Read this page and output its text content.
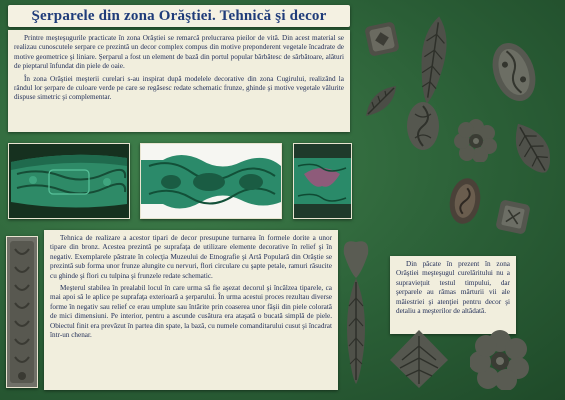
Şerparele din zona Orăştiei. Tehnică şi decor

Printre meşteşugurile practicate în zona Orăştiei se remarcă prelucrarea pieilor de vită. Din acest material se realizau cunoscutele serpare ce prezintă un decor complex compus din motive preponderent vegetale încadrate de motive geometrice şi liniare. Şerparul a fost un element de bază din portul popular bărbătesc de sărbătoare, alături de pieptarul înfundat din piele de oaie.

În zona Orăştiei meşterii curelari s-au inspirat după modelele decorative din zona Cugirului, realizând la rândul lor şerpare de culoare verde pe care se regăsesc redate schematic frunze, ghinde şi motive vegetale vălurite dispuse simetric şi complementar.

Tehnica de realizare a acestor tipari de decor presupune turnarea în formele dorite a unor tipare din bronz. Acestea prezintă pe suprafaţa de utilizare elemente decorative în relief şi în negativ. Exemplarele păstrate în colecţia Muzeului de Etnografie şi Artă Populară din Orăştie se prezintă sub forma unor frunze alungite cu nervuri, flori circulare cu şapte petale, ramuri răsucite cu ghinde şi flori cu tulpina şi frunzele redate schematic.

Meşterul stabilea în prealabil locul în care urma să fie aşezat decorul şi încălzea tiparele, ca mai apoi să le aplice pe suprafaţa exterioară a şerparului. În urma acestui proces rezultau diverse forme în negativ sau relief ce erau umplute sau întărite prin coaserea unor fâşii din piele colorată de mici dimensiuni. Pe interior, pentru a ascunde cusătura era ataşată o bucată simplă de piele. Obiectul finit era prevăzut în partea din spate, la bază, cu numele comanditarului cusut şi încadrat într-un chenar.

Din păcate în prezent în zona Orăştiei meşteşugul curelăritului nu a supravieţuit testul timpului, dar şerparele au rămas mărturii vii ale măiestriei şi atenţiei pentru decor şi detaliu a meşterilor de altădată.
